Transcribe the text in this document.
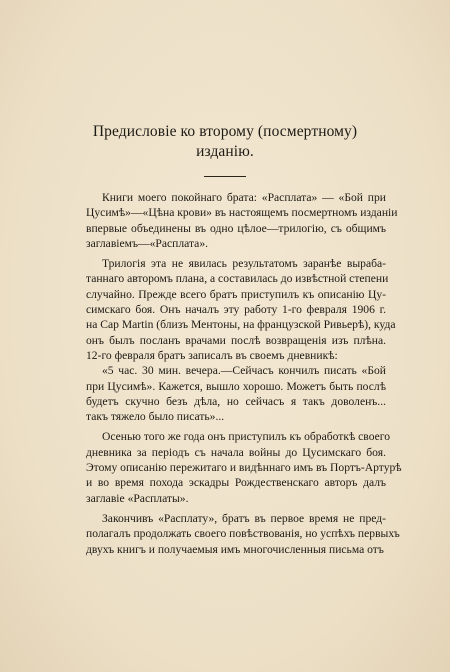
Предисловіе ко второму (посмертному)
изданію.
Книги моего покойнаго брата: «Расплата» — «Бой при
Цусимѣ»—«Цѣна крови» въ настоящемъ посмертномъ изданіи
впервые объединены въ одно цѣлое—трилогію, съ общимъ
заглавіемъ—«Расплата».
Трилогія эта не явилась результатомъ заранѣе выраба-
таннаго авторомъ плана, а составилась до извѣстной степени
случайно. Прежде всего братъ приступилъ къ описанію Цу-
симскаго боя. Онъ началъ эту работу 1-го февраля 1906 г.
на Cap Martin (близъ Ментоны, на французской Ривьерѣ), куда
онъ былъ посланъ врачами послѣ возвращенія изъ плѣна.
12-го февраля братъ записалъ въ своемъ дневникѣ:
«5 час. 30 мин. вечера.—Сейчасъ кончилъ писать «Бой
при Цусимѣ». Кажется, вышло хорошо. Можетъ быть послѣ
будетъ скучно безъ дѣла, но сейчасъ я такъ доволенъ...
такъ тяжело было писать»...
Осенью того же года онъ приступилъ къ обработкѣ своего
дневника за періодъ съ начала войны до Цусимскаго боя.
Этому описанію пережитаго и видѣннаго имъ въ Портъ-Артурѣ
и во время похода эскадры Рождественскаго авторъ далъ
заглавіе «Расплаты».
Закончивъ «Расплату», братъ въ первое время не пред-
полагалъ продолжать своего повѣствованія, но успѣхъ первыхъ
двухъ книгъ и получаемыя имъ многочисленныя письма отъ
